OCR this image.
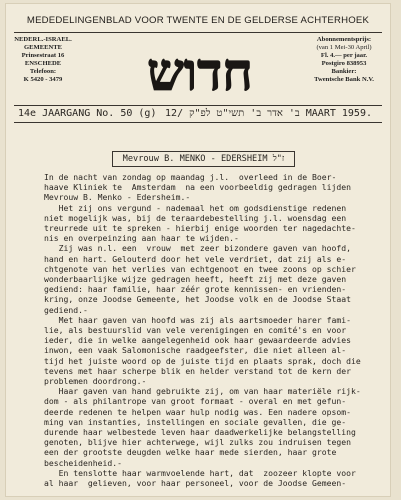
MEDEDELINGENBLAD VOOR TWENTE EN DE GELDERSE ACHTERHOEK
NEDERL.-ISRAEL.
GEMEENTE
Prinsestraat 16
ENSCHEDE
Telefoon:
K 5420 - 3479 חדוש
Abonnementsprijs:
(van 1 Mei-30 April)
Fl. 4.— per jaar.
Postgiro 838953
Bankier:
Twentsche Bank N.V.
14e JAARGANG No. 50 (g) ב' אדר ב' תשי"ט לפ"ק /12 MAART 1959.
Mevrouw B. MENKO - EDERSHEIM ז"ל

In de nacht van zondag op maandag j.l.  overleed in de Boer-

haave Kliniek te  Amsterdam  na een voorbeeldig gedragen lijden

Mevrouw B. Menko - Edersheim.-

Het zij ons vergund - nademaal het om godsdienstige redenen

niet mogelijk was, bij de teraardebestelling j.l. woensdag een

treurrede uit te spreken - hierbij enige woorden ter nagedachte-

nis en overpeinzing aan haar te wijden.-

Zij was n.l. een  vrouw  met zeer bizondere gaven van hoofd,

hand en hart. Gelouterd door het vele verdriet, dat zij als e-

chtgenote van het verlies van echtgenoot en twee zoons op schier

wonderbaarlijke wijze gedragen heeft, heeft zij met deze gaven

gediend: haar familie, haar zéér grote kennissen- en vrienden-

kring, onze Joodse Gemeente, het Joodse volk en de Joodse Staat

gediend.-

Met haar gaven van hoofd was zij als aartsmoeder harer fami-

lie, als bestuurslid van vele verenigingen en comité's en voor

ieder, die in welke aangelegenheid ook haar gewaardeerde advies

inwon, een vaak Salomonische raadgeefster, die niet alleen al-

tijd het juiste woord op de juiste tijd en plaats sprak, doch die

tevens met haar scherpe blik en helder verstand tot de kern der

problemen doordrong.-

Haar gaven van hand gebruikte zij, om van haar materiële rijk-

dom - als philantrope van groot formaat - overal en met gefun-

deerde redenen te helpen waar hulp nodig was. Een nadere opsom-

ming van instanties, instellingen en sociale gevallen, die ge-

durende haar welbestede leven haar daadwerkelijke belangstelling

genoten, blijve hier achterwege, wijl zulks zou indruisen tegen

een der grootste deugden welke haar mede sierden, haar grote

bescheidenheid.-

En tenslotte haar warmvoelende hart, dat  zoozeer klopte voor

al haar  gelieven, voor haar personeel, voor de Joodse Gemeen-
